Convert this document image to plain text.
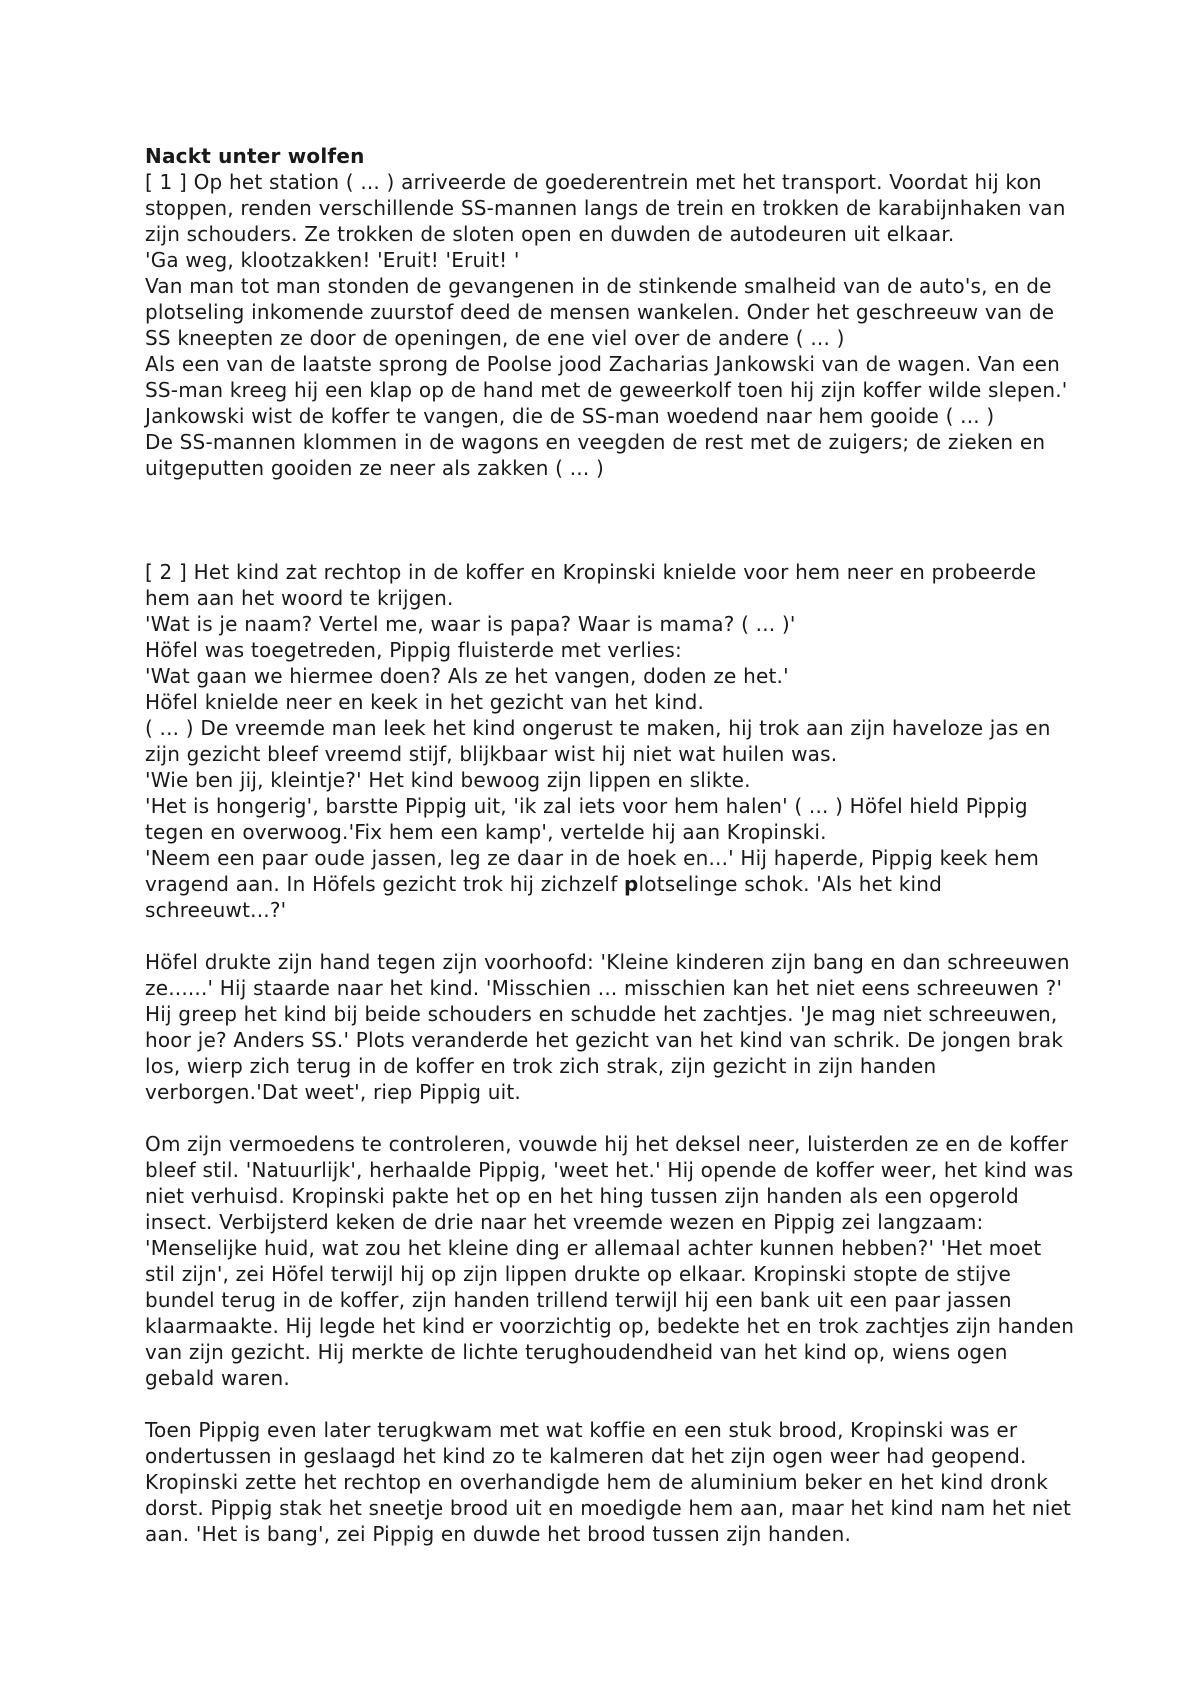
Nackt unter wolfen

[ 1 ] Op het station ( ... ) arriveerde de goederentrein met het transport. Voordat hij kon stoppen, renden verschillende SS-mannen langs de trein en trokken de karabijnhaken van zijn schouders. Ze trokken de sloten open en duwden de autodeuren uit elkaar.

'Ga weg, klootzakken! 'Eruit! 'Eruit! '

Van man tot man stonden de gevangenen in de stinkende smalheid van de auto's, en de plotseling inkomende zuurstof deed de mensen wankelen. Onder het geschreeuw van de SS kneepten ze door de openingen, de ene viel over de andere ( ... )

Als een van de laatste sprong de Poolse jood Zacharias Jankowski van de wagen. Van een SS-man kreeg hij een klap op de hand met de geweerkolf toen hij zijn koffer wilde slepen.'

Jankowski wist de koffer te vangen, die de SS-man woedend naar hem gooide ( ... )

De SS-mannen klommen in de wagons en veegden de rest met de zuigers; de zieken en uitgeputten gooiden ze neer als zakken ( ... )

[ 2 ] Het kind zat rechtop in de koffer en Kropinski knielde voor hem neer en probeerde hem aan het woord te krijgen.

'Wat is je naam? Vertel me, waar is papa? Waar is mama? ( ... )'

Höfel was toegetreden, Pippig fluisterde met verlies:

'Wat gaan we hiermee doen? Als ze het vangen, doden ze het.'

Höfel knielde neer en keek in het gezicht van het kind.

( ... ) De vreemde man leek het kind ongerust te maken, hij trok aan zijn haveloze jas en zijn gezicht bleef vreemd stijf, blijkbaar wist hij niet wat huilen was.

'Wie ben jij, kleintje?' Het kind bewoog zijn lippen en slikte.

'Het is hongerig', barstte Pippig uit, 'ik zal iets voor hem halen' ( ... ) Höfel hield Pippig tegen en overwoog.'Fix hem een kamp', vertelde hij aan Kropinski.

'Neem een paar oude jassen, leg ze daar in de hoek en...' Hij haperde, Pippig keek hem vragend aan. In Höfels gezicht trok hij zichzelf plotselinge schok. 'Als het kind schreeuwt...?'

Höfel drukte zijn hand tegen zijn voorhoofd: 'Kleine kinderen zijn bang en dan schreeuwen ze......' Hij staarde naar het kind. 'Misschien ... misschien kan het niet eens schreeuwen ?' Hij greep het kind bij beide schouders en schudde het zachtjes. 'Je mag niet schreeuwen, hoor je? Anders SS.' Plots veranderde het gezicht van het kind van schrik. De jongen brak los, wierp zich terug in de koffer en trok zich strak, zijn gezicht in zijn handen verborgen.'Dat weet', riep Pippig uit.

Om zijn vermoedens te controleren, vouwde hij het deksel neer, luisterden ze en de koffer bleef stil. 'Natuurlijk', herhaalde Pippig, 'weet het.' Hij opende de koffer weer, het kind was niet verhuisd. Kropinski pakte het op en het hing tussen zijn handen als een opgerold insect. Verbijsterd keken de drie naar het vreemde wezen en Pippig zei langzaam: 'Menselijke huid, wat zou het kleine ding er allemaal achter kunnen hebben?' 'Het moet stil zijn', zei Höfel terwijl hij op zijn lippen drukte op elkaar. Kropinski stopte de stijve bundel terug in de koffer, zijn handen trillend terwijl hij een bank uit een paar jassen klaarmaakte. Hij legde het kind er voorzichtig op, bedekte het en trok zachtjes zijn handen van zijn gezicht. Hij merkte de lichte terughoudendheid van het kind op, wiens ogen gebald waren.

Toen Pippig even later terugkwam met wat koffie en een stuk brood, Kropinski was er ondertussen in geslaagd het kind zo te kalmeren dat het zijn ogen weer had geopend. Kropinski zette het rechtop en overhandigde hem de aluminium beker en het kind dronk dorst. Pippig stak het sneetje brood uit en moedigde hem aan, maar het kind nam het niet aan. 'Het is bang', zei Pippig en duwde het brood tussen zijn handen.
